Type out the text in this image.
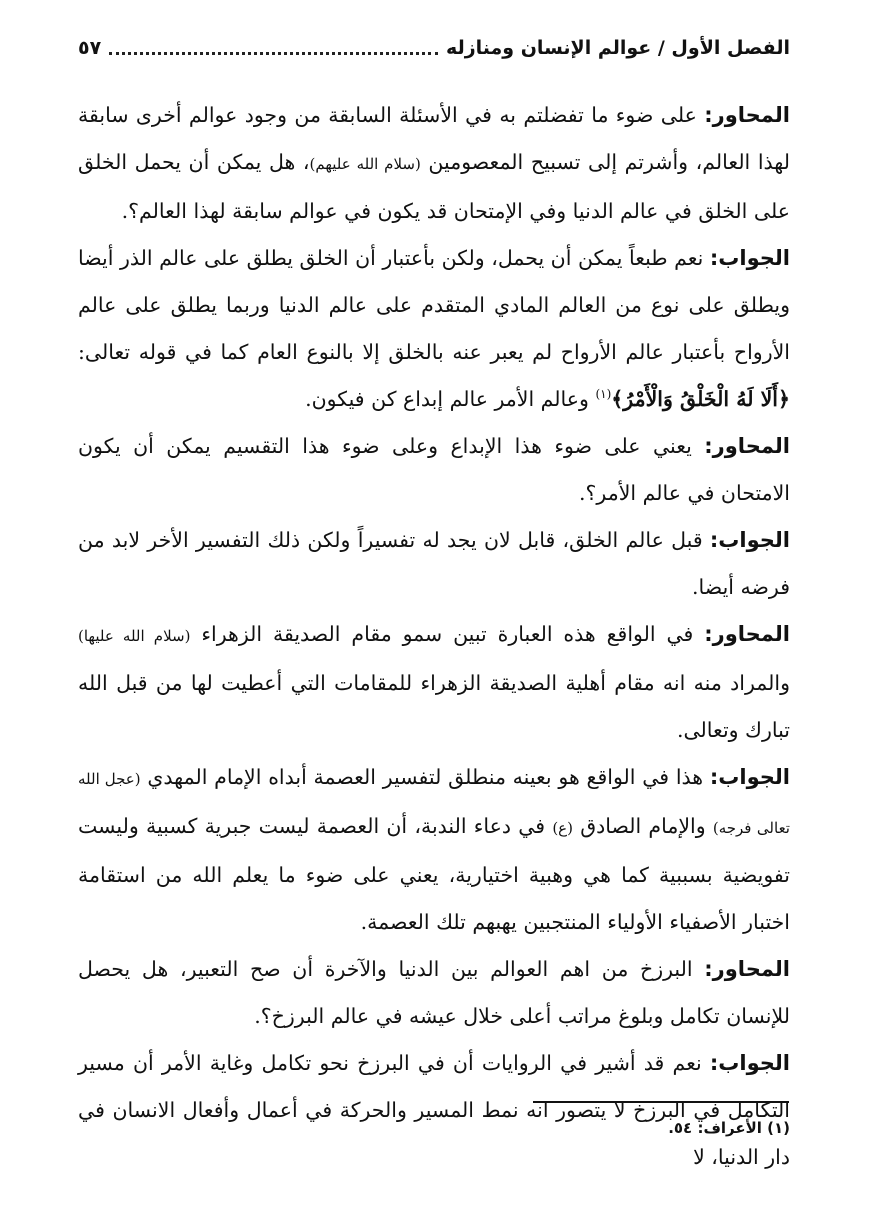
الفصل الأول / عوالم الإنسان ومنازله
٥٧

المحاور: على ضوء ما تفضلتم به في الأسئلة السابقة من وجود عوالم أخرى سابقة لهذا العالم، وأشرتم إلى تسبيح المعصومين (سلام الله عليهم)، هل يمكن أن يحمل الخلق على الخلق في عالم الدنيا وفي الإمتحان قد يكون في عوالم سابقة لهذا العالم؟.

الجواب: نعم طبعاً يمكن أن يحمل، ولكن بأعتبار أن الخلق يطلق على عالم الذر أيضا ويطلق على نوع من العالم المادي المتقدم على عالم الدنيا وربما يطلق على عالم الأرواح بأعتبار عالم الأرواح لم يعبر عنه بالخلق إلا بالنوع العام كما في قوله تعالى: ﴿أَلَا لَهُ الْخَلْقُ وَالْأَمْرُ﴾$^{(١)}$ وعالم الأمر عالم إبداع كن فيكون.

المحاور: يعني على ضوء هذا الإبداع وعلى ضوء هذا التقسيم يمكن أن يكون الامتحان في عالم الأمر؟.

الجواب: قبل عالم الخلق، قابل لان يجد له تفسيراً ولكن ذلك التفسير الأخر لابد من فرضه أيضا.

المحاور: في الواقع هذه العبارة تبين سمو مقام الصديقة الزهراء (سلام الله عليها) والمراد منه انه مقام أهلية الصديقة الزهراء للمقامات التي أعطيت لها من قبل الله تبارك وتعالى.

الجواب: هذا في الواقع هو بعينه منطلق لتفسير العصمة أبداه الإمام المهدي (عجل الله تعالى فرجه) والإمام الصادق (ع) في دعاء الندبة، أن العصمة ليست جبرية كسبية وليست تفويضية بسببية كما هي وهبية اختيارية، يعني على ضوء ما يعلم الله من استقامة اختبار الأصفياء الأولياء المنتجبين يهبهم تلك العصمة.

المحاور: البرزخ من اهم العوالم بين الدنيا والآخرة أن صح التعبير، هل يحصل للإنسان تكامل وبلوغ مراتب أعلى خلال عيشه في عالم البرزخ؟.

الجواب: نعم قد أشير في الروايات أن في البرزخ نحو تكامل وغاية الأمر أن مسير التكامل في البرزخ لا يتصور انه نمط المسير والحركة في أعمال وأفعال الانسان في دار الدنيا، لا

(١) الأعراف: ٥٤.
